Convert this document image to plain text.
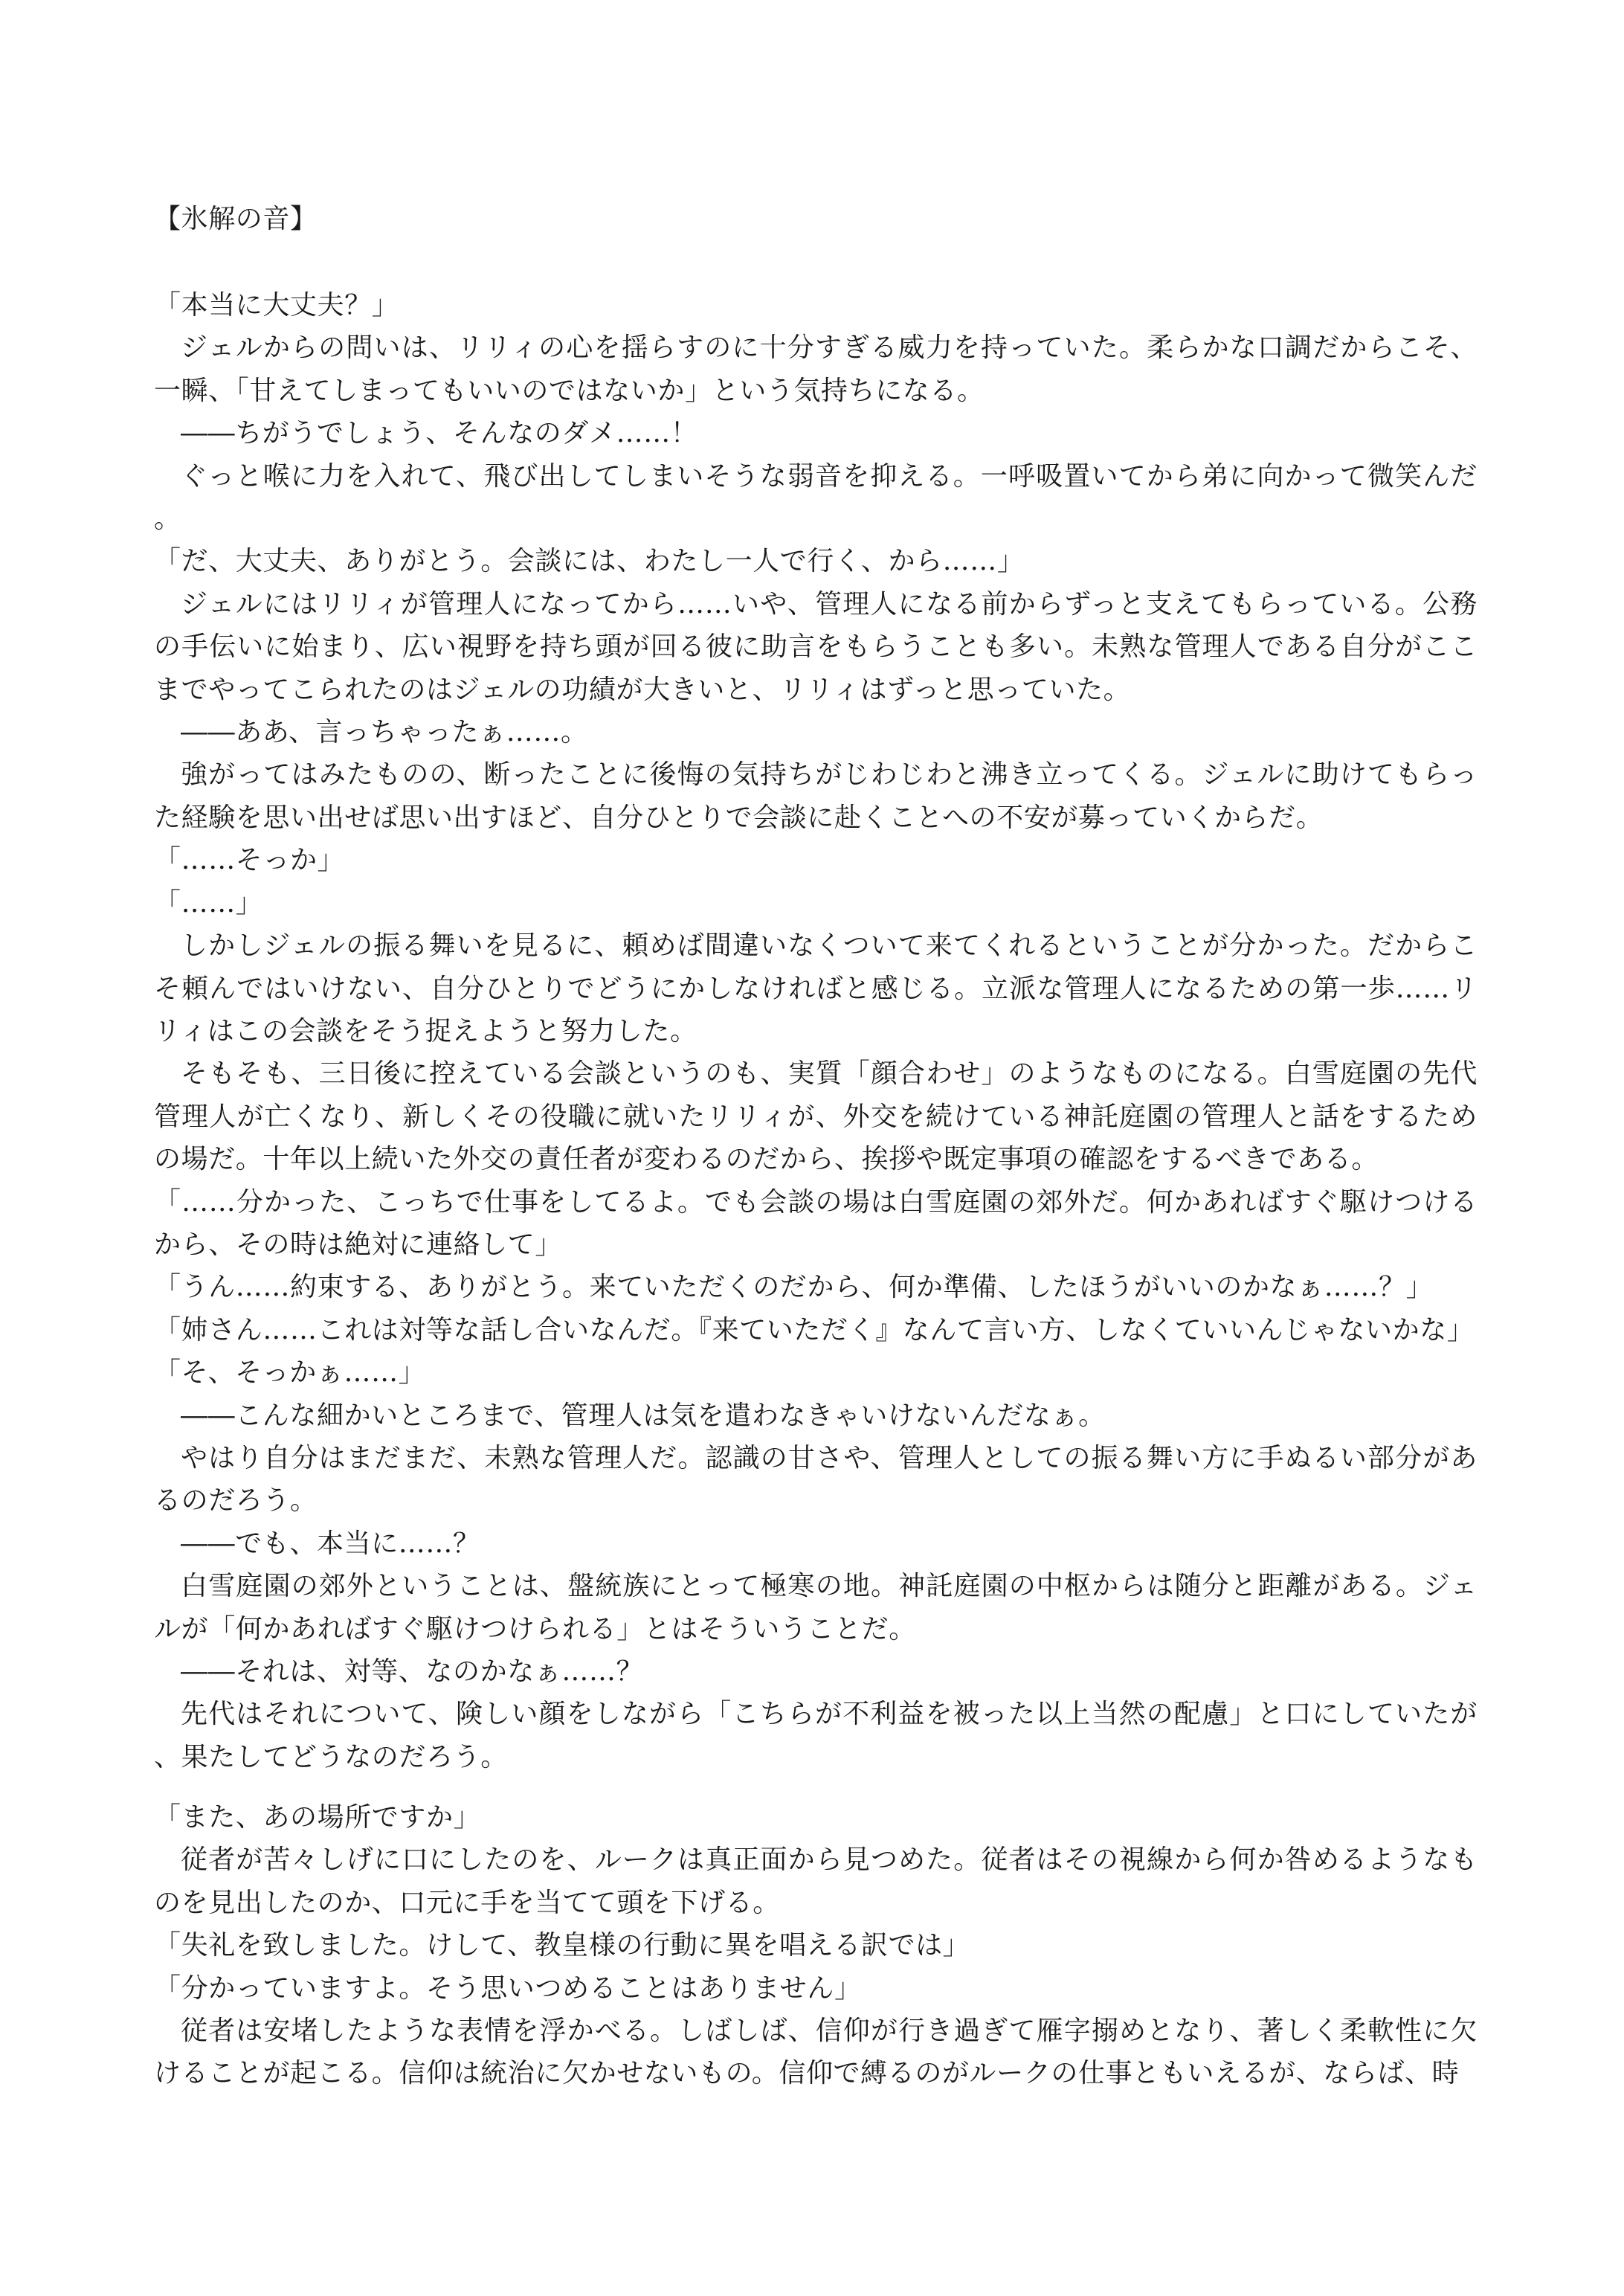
【氷解の音】

「本当に大丈夫？」

ジェルからの問いは、リリィの心を揺らすのに十分すぎる威力を持っていた。柔らかな口調だからこそ、一瞬、「甘えてしまってもいいのではないか」という気持ちになる。

――ちがうでしょう、そんなのダメ……！

ぐっと喉に力を入れて、飛び出してしまいそうな弱音を抑える。一呼吸置いてから弟に向かって微笑んだ。

「だ、大丈夫、ありがとう。会談には、わたし一人で行く、から……」

ジェルにはリリィが管理人になってから……いや、管理人になる前からずっと支えてもらっている。公務の手伝いに始まり、広い視野を持ち頭が回る彼に助言をもらうことも多い。未熟な管理人である自分がここまでやってこられたのはジェルの功績が大きいと、リリィはずっと思っていた。

――ああ、言っちゃったぁ……。

強がってはみたものの、断ったことに後悔の気持ちがじわじわと沸き立ってくる。ジェルに助けてもらった経験を思い出せば思い出すほど、自分ひとりで会談に赴くことへの不安が募っていくからだ。

「……そっか」

「……」

しかしジェルの振る舞いを見るに、頼めば間違いなくついて来てくれるということが分かった。だからこそ頼んではいけない、自分ひとりでどうにかしなければと感じる。立派な管理人になるための第一歩……リリィはこの会談をそう捉えようと努力した。

そもそも、三日後に控えている会談というのも、実質「顔合わせ」のようなものになる。白雪庭園の先代管理人が亡くなり、新しくその役職に就いたリリィが、外交を続けている神託庭園の管理人と話をするための場だ。十年以上続いた外交の責任者が変わるのだから、挨拶や既定事項の確認をするべきである。

「……分かった、こっちで仕事をしてるよ。でも会談の場は白雪庭園の郊外だ。何かあればすぐ駆けつけるから、その時は絶対に連絡して」

「うん……約束する、ありがとう。来ていただくのだから、何か準備、したほうがいいのかなぁ……？」

「姉さん……これは対等な話し合いなんだ。『来ていただく』なんて言い方、しなくていいんじゃないかな」

「そ、そっかぁ……」

――こんな細かいところまで、管理人は気を遣わなきゃいけないんだなぁ。

やはり自分はまだまだ、未熟な管理人だ。認識の甘さや、管理人としての振る舞い方に手ぬるい部分があるのだろう。

――でも、本当に……？

白雪庭園の郊外ということは、盤統族にとって極寒の地。神託庭園の中枢からは随分と距離がある。ジェルが「何かあればすぐ駆けつけられる」とはそういうことだ。

――それは、対等、なのかなぁ……？

先代はそれについて、険しい顔をしながら「こちらが不利益を被った以上当然の配慮」と口にしていたが、果たしてどうなのだろう。

「また、あの場所ですか」

従者が苦々しげに口にしたのを、ルークは真正面から見つめた。従者はその視線から何か咎めるようなものを見出したのか、口元に手を当てて頭を下げる。

「失礼を致しました。けして、教皇様の行動に異を唱える訳では」

「分かっていますよ。そう思いつめることはありません」

従者は安堵したような表情を浮かべる。しばしば、信仰が行き過ぎて雁字搦めとなり、著しく柔軟性に欠けることが起こる。信仰は統治に欠かせないもの。信仰で縛るのがルークの仕事ともいえるが、ならば、時
